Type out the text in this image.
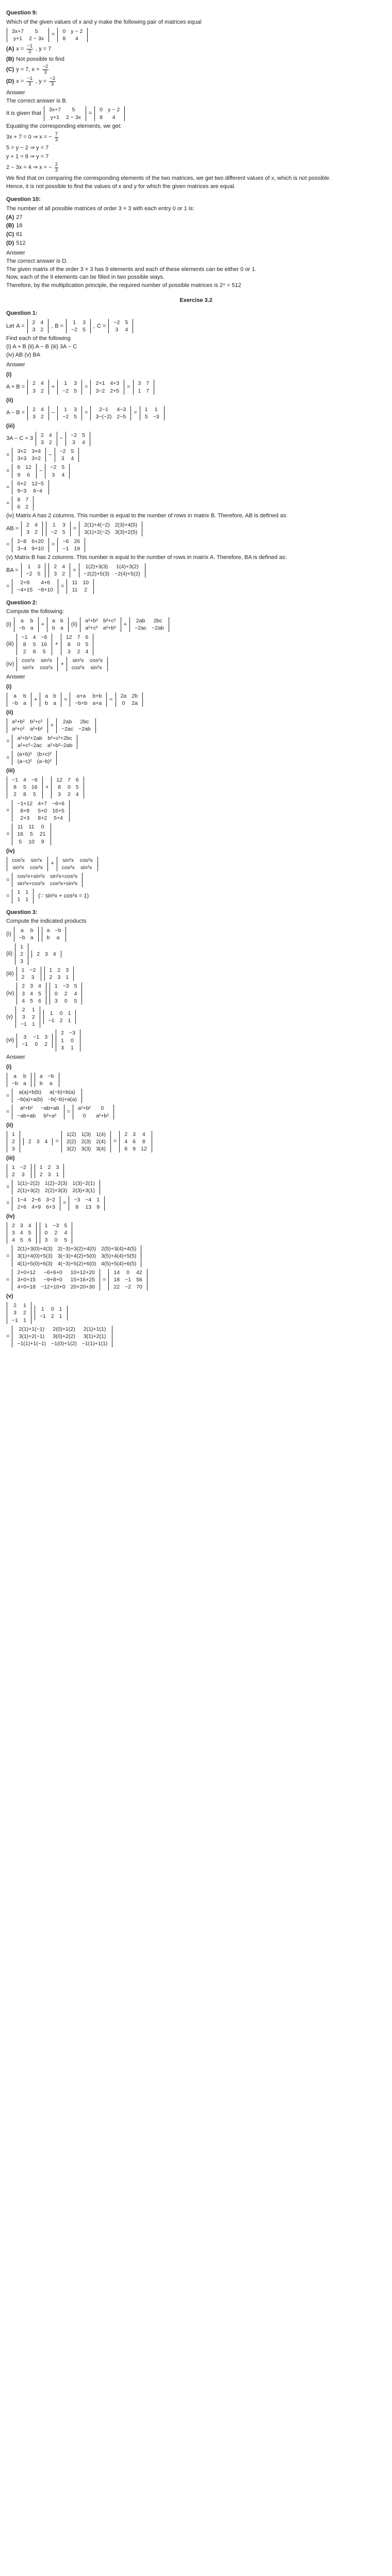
Question 9:
Which of the given values of x and y make the following pair of matrices equal
3x+7	5
y+1	2 − 3x
=
0	y − 2
8	4
(A) $x = \frac{-1}{3}$ , y = 7
(B) Not possible to find
(C) y = 7, $x = \frac{-2}{3}$
(D) $x = \frac{-1}{3}$ , $y = \frac{-2}{3}$
Answer
The correct answer is B.
It is given that
3x+7	5
y+1	2 − 3x
=
0	y − 2
8	4
Equating the corresponding elements, we get:
3x + 7 = 0 ⇒ x = − $\frac{7}{3}$
5 = y − 2 ⇒ y = 7
y + 1 = 8 ⇒ y = 7
2 − 3x = 4 ⇒ x = − $\frac{2}{3}$
We find that on comparing the corresponding elements of the two matrices, we get two different values of x, which is not possible.
Hence, it is not possible to find the values of x and y for which the given matrices are equal.
Question 10:
The number of all possible matrices of order 3 × 3 with each entry 0 or 1 is:
(A) 27
(B) 18
(C) 81
(D) 512
Answer
The correct answer is D.
The given matrix of the order 3 × 3 has 9 elements and each of these elements can be either 0 or 1.
Now, each of the 9 elements can be filled in two possible ways.
Therefore, by the multiplication principle, the required number of possible matrices is 2⁹ = 512
Exercise 3.2
Question 1:
Let A =
2	4
3	2
, B =
1	3
−2	5
, C =
−2	5
3	4
Find each of the following
(i) A + B (ii) A − B (iii) 3A − C
(iv) AB (v) BA
Answer
(i)
A + B =
2	4
3	2
+
1	3
−2	5
=
2+1	4+3
3−2	2+5
=
3	7
1	7
(ii)
A − B =
2	4
3	2
−
1	3
−2	5
=
2−1	4−3
3−(−2)	2−5
=
1	1
5	−3
(iii)
3A − C = 3
2	4
3	2
−
−2	5
3	4
=
3×2	3×4
3×3	3×2
−
−2	5
3	4
=
6	12
9	6
−
−2	5
3	4
=
6+2	12−5
9−3	6−4
=
8	7
6	2
(iv) Matrix A has 2 columns. This number is equal to the number of rows in matrix B. Therefore, AB is defined as:
AB =
2	4
3	2
1	3
−2	5
=
2(1)+4(−2)	2(3)+4(5)
3(1)+2(−2)	3(3)+2(5)
=
2−8	6+20
3−4	9+10
=
−6	26
−1	19
(v) Matrix B has 2 columns. This number is equal to the number of rows in matrix A. Therefore, BA is defined as:
BA =
1	3
−2	5
2	4
3	2
=
1(2)+3(3)	1(4)+3(2)
−2(2)+5(3)	−2(4)+5(2)
=
2+9	4+6
−4+15	−8+10
=
11	10
11	2
Question 2:
Compute the following:
(i)
a	b
−b	a
+
a	b
b	a
(ii)
a²+b²	b²+c²
a²+c²	a²+b²
+
2ab	2bc
−2ac	−2ab
(iii)
−1	4	−6
8	5	16
2	8	5
+
12	7	6
8	0	5
3	2	4
(iv)
cos²x	sin²x
sin²x	cos²x
+
sin²x	cos²x
cos²x	sin²x
Answer
(i)
a	b
−b	a
+
a	b
b	a
=
a+a	b+b
−b+b	a+a
=
2a	2b
0	2a
(ii)
a²+b²	b²+c²
a²+c²	a²+b²
+
2ab	2bc
−2ac	−2ab
=
a²+b²+2ab	b²+c²+2bc
a²+c²−2ac	a²+b²−2ab
=
(a+b)²	(b+c)²
(a−c)²	(a−b)²
(iii)
−1	4	−6
8	5	16
2	8	5
+
12	7	6
8	0	5
3	2	4
=
−1+12	4+7	−6+6
8+8	5+0	16+5
2+3	8+2	5+4
=
11	11	0
16	5	21
5	10	9
(iv)
cos²x	sin²x
sin²x	cos²x
+
sin²x	cos²x
cos²x	sin²x
=
cos²x+sin²x	sin²x+cos²x
sin²x+cos²x	cos²x+sin²x
=
1	1
1	1
(∵ sin²x + cos²x = 1)
Question 3:
Compute the indicated products
(i)
a	b
−b	a
a	−b
b	a
(ii)
1
2
3
2	3	4
(iii)
1	−2
2	3
1	2	3
2	3	1
(iv)
2	3	4
3	4	5
4	5	6
1	−3	5
0	2	4
3	0	5
(v)
2	1
3	2
−1	1
1	0	1
−1	2	1
(vi)
3	−1	3
−1	0	2
2	−3
1	0
3	1
Answer
(i)
a	b
−b	a
a	−b
b	a
=
a(a)+b(b)	a(−b)+b(a)
−b(a)+a(b)	−b(−b)+a(a)
=
a²+b²	−ab+ab
−ab+ab	b²+a²
=
a²+b²	0
0	a²+b²
(ii)
1
2
3
2	3	4 =
1(2)	1(3)	1(4)
2(2)	2(3)	2(4)
3(2)	3(3)	3(4)
=
2	3	4
4	6	8
6	9	12
(iii)
1	−2
2	3
1	2	3
2	3	1
=
1(1)−2(2)	1(2)−2(3)	1(3)−2(1)
2(1)+3(2)	2(2)+3(3)	2(3)+3(1)
=
1−4	2−6	3−2
2+6	4+9	6+3
=
−3	−4	1
8	13	9
(iv)
2	3	4
3	4	5
4	5	6
1	−3	5
0	2	4
3	0	5
=
2(1)+3(0)+4(3)	2(−3)+3(2)+4(0)	2(5)+3(4)+4(5)
3(1)+4(0)+5(3)	3(−3)+4(2)+5(0)	3(5)+4(4)+5(5)
4(1)+5(0)+6(3)	4(−3)+5(2)+6(0)	4(5)+5(4)+6(5)
=
2+0+12	−6+6+0	10+12+20
3+0+15	−9+8+0	15+16+25
4+0+18	−12+10+0	20+20+30
=
14	0	42
18	−1	56
22	−2	70
(v)
2	1
3	2
−1	1
1	0	1
−1	2	1
=
2(1)+1(−1)	2(0)+1(2)	2(1)+1(1)
3(1)+2(−1)	3(0)+2(2)	3(1)+2(1)
−1(1)+1(−1)	−1(0)+1(2)	−1(1)+1(1)
